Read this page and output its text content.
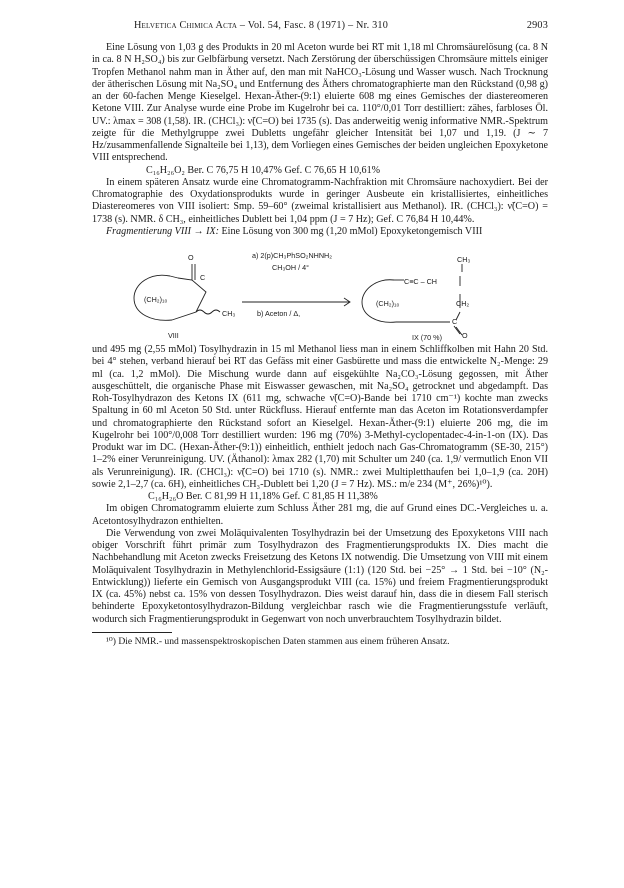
Helvetica Chimica Acta – Vol. 54, Fasc. 8 (1971) – Nr. 310	2903

Eine Lösung von 1,03 g des Produkts in 20 ml Aceton wurde bei RT mit 1,18 ml Chromsäurelösung (ca. 8 N in ca. 8 N H₂SO₄) bis zur Gelbfärbung versetzt. Nach Zerstörung der überschüssigen Chromsäure mittels einiger Tropfen Methanol nahm man in Äther auf, den man mit NaHCO₃-Lösung und Wasser wusch. Nach Trocknung der ätherischen Lösung mit Na₂SO₄ und Entfernung des Äthers chromatographierte man den Rückstand (0,98 g) an der 60-fachen Menge Kieselgel. Hexan-Äther-(9:1) eluierte 608 mg eines Gemisches der diastereomeren Ketone VIII. Zur Analyse wurde eine Probe im Kugelrohr bei ca. 110°/0,01 Torr destilliert: zähes, farbloses Öl. UV.: λmax = 308 (1,58). IR. (CHCl₃): ν̃(C=O) bei 1735 (s). Das anderweitig wenig informative NMR.-Spektrum zeigte für die Methylgruppe zwei Dubletts ungefähr gleicher Intensität bei 1,07 und 1,19. (J ∼ 7 Hz/zusammenfallende Signalteile bei 1,13), dem Vorliegen eines Gemisches der beiden ungleichen Epoxyketone VIII entsprechend.

C₁₆H₂₆O₂ Ber. C 76,75 H 10,47% Gef. C 76,65 H 10,61%

In einem späteren Ansatz wurde eine Chromatogramm-Nachfraktion mit Chromsäure nachoxydiert. Bei der Chromatographie des Oxydationsprodukts wurde in geringer Ausbeute ein kristallisiertes, einheitliches Diastereomeres von VIII isoliert: Smp. 59–60° (zweimal kristallisiert aus Methanol). IR. (CHCl₃): ν̃(C=O) = 1738 (s). NMR. δ CH₃, einheitliches Dublett bei 1,04 ppm (J = 7 Hz); Gef. C 76,84 H 10,44%.

Fragmentierung VIII → IX: Eine Lösung von 300 mg (1,20 mMol) Epoxyketongemisch VIII

O
C
(CH₂)₁₀
CH₃
VIII
a) 2(p)CH₃PhSO₂NHNH₂
CH₃OH / 4°
b) Aceton / Δ,
CH₃
C≡C – CH
(CH₂)₁₀	CH₂
C
O
IX (70 %)

und 495 mg (2,55 mMol) Tosylhydrazin in 15 ml Methanol liess man in einem Schliffkolben mit Hahn 20 Std. bei 4° stehen, verband hierauf bei RT das Gefäss mit einer Gasbürette und mass die entwickelte N₂-Menge: 29 ml (ca. 1,2 mMol). Die Mischung wurde dann auf eisgekühlte Na₂CO₃-Lösung gegossen, mit Äther ausgeschüttelt, die organische Phase mit Eiswasser gewaschen, mit Na₂SO₄ getrocknet und abgedampft. Das Roh-Tosylhydrazon des Ketons IX (611 mg, schwache ν̃(C=O)-Bande bei 1710 cm⁻¹) kochte man zwecks Spaltung in 60 ml Aceton 50 Std. unter Rückfluss. Hierauf entfernte man das Aceton im Rotationsverdampfer und chromatographierte den Rückstand sofort an Kieselgel. Hexan-Äther-(9:1) eluierte 206 mg, die im Kugelrohr bei 100°/0,008 Torr destilliert wurden: 196 mg (70%) 3-Methyl-cyclopentadec-4-in-1-on (IX). Das Produkt war im DC. (Hexan-Äther-(9:1)) einheitlich, enthielt jedoch nach Gas-Chromatogramm (SE-30, 215°) 1–2% einer Verunreinigung. UV. (Äthanol): λmax 282 (1,70) mit Schulter um 240 (ca. 1,9/ vermutlich Enon VII als Verunreinigung). IR. (CHCl₃): ν̃(C=O) bei 1710 (s). NMR.: zwei Multipletthaufen bei 1,0–1,9 (ca. 20H) sowie 2,1–2,7 (ca. 6H), einheitliches CH₃-Dublett bei 1,20 (J = 7 Hz). MS.: m/e 234 (M⁺, 26%)¹⁰).

C₁₆H₂₆O Ber. C 81,99 H 11,18% Gef. C 81,85 H 11,38%

Im obigen Chromatogramm eluierte zum Schluss Äther 281 mg, die auf Grund eines DC.-Vergleiches u. a. Acetontosylhydrazon enthielten.

Die Verwendung von zwei Moläquivalenten Tosylhydrazin bei der Umsetzung des Epoxyketons VIII nach obiger Vorschrift führt primär zum Tosylhydrazon des Fragmentierungsprodukts IX. Dies macht die Nachbehandlung mit Aceton zwecks Freisetzung des Ketons IX notwendig. Die Umsetzung von VIII mit einem Moläquivalent Tosylhydrazin in Methylenchlorid-Essigsäure (1:1) (120 Std. bei −25° → 1 Std. bei −10° (N₂-Entwicklung)) lieferte ein Gemisch von Ausgangsprodukt VIII (ca. 15%) und freiem Fragmentierungsprodukt IX (ca. 45%) nebst ca. 15% von dessen Tosylhydrazon. Dies weist darauf hin, dass die in diesem Fall sterisch behinderte Epoxyketontosylhydrazon-Bildung vergleichbar rasch wie die Fragmentierungsstufe verläuft, wodurch sich Fragmentierungsprodukt in Gegenwart von noch unverbrauchtem Tosylhydrazin bildet.

¹⁰) Die NMR.- und massenspektroskopischen Daten stammen aus einem früheren Ansatz.
